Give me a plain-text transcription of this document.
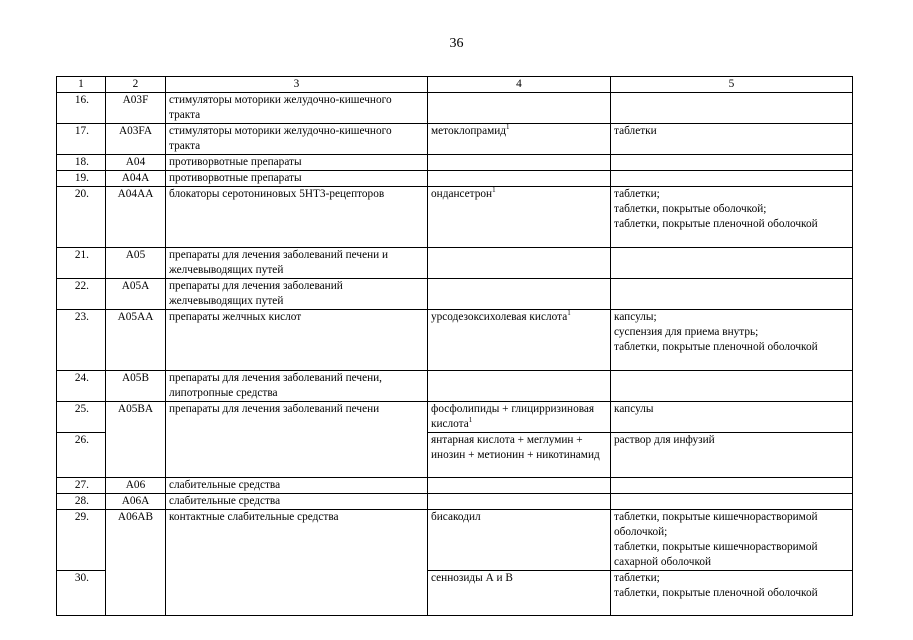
36
1	2	3	4	5
16.	A03F	стимуляторы моторики желудочно-кишечного тракта		

17.	A03FA	стимуляторы моторики желудочно-кишечного тракта	метоклопрамид$^1$	таблетки

18.	A04	противорвотные препараты		

19.	A04A	противорвотные препараты		

20.	A04AA	блокаторы серотониновых 5НТ3-рецепторов	ондансетрон$^1$	таблетки;
таблетки, покрытые оболочкой;
таблетки, покрытые пленочной оболочкой

21.	A05	препараты для лечения заболеваний печени и желчевыводящих путей		

22.	A05A	препараты для лечения заболеваний желчевыводящих путей		

23.	A05AA	препараты желчных кислот	урсодезоксихолевая кислота$^1$	капсулы;
суспензия для приема внутрь;
таблетки, покрытые пленочной оболочкой

24.	A05B	препараты для лечения заболеваний печени, липотропные средства		

25.	A05BA	препараты для лечения заболеваний печени	фосфолипиды + глицирризиновая кислота$^1$	капсулы

26.			янтарная кислота + меглумин + инозин + метионин + никотинамид	раствор для инфузий

27.	A06	слабительные средства		

28.	A06A	слабительные средства		

29.	A06AB	контактные слабительные средства	бисакодил	таблетки, покрытые кишечнорастворимой оболочкой;
таблетки, покрытые кишечнорастворимой сахарной оболочкой

30.			сеннозиды А и В	таблетки;
таблетки, покрытые пленочной оболочкой
